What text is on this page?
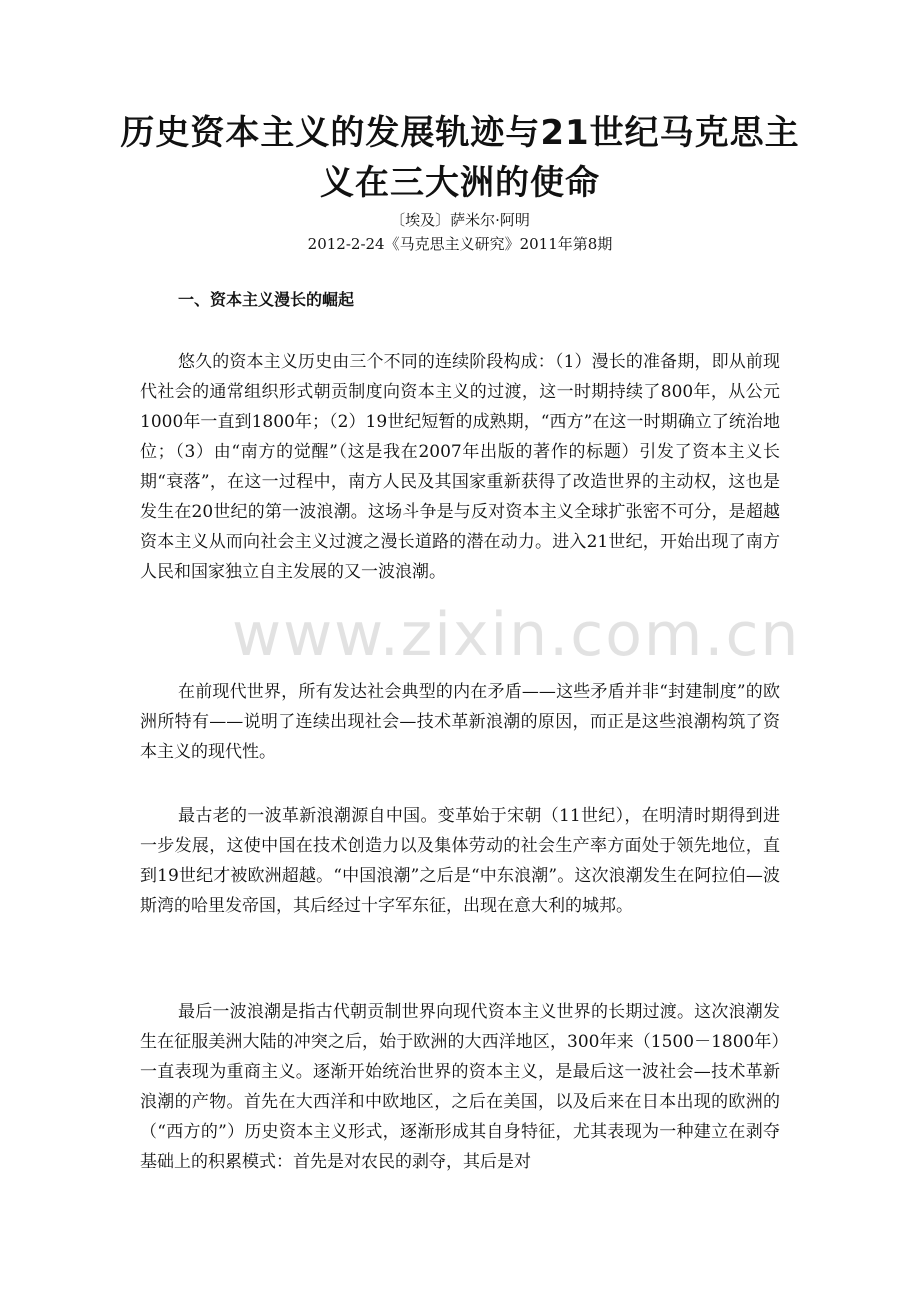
历史资本主义的发展轨迹与21世纪马克思主义在三大洲的使命

〔埃及〕萨米尔·阿明

2012-2-24《马克思主义研究》2011年第8期

一、资本主义漫长的崛起

悠久的资本主义历史由三个不同的连续阶段构成：（1）漫长的准备期，即从前现代社会的通常组织形式朝贡制度向资本主义的过渡，这一时期持续了800年，从公元1000年一直到1800年；（2）19世纪短暂的成熟期，“西方”在这一时期确立了统治地位；（3）由“南方的觉醒”（这是我在2007年出版的著作的标题）引发了资本主义长期“衰落”，在这一过程中，南方人民及其国家重新获得了改造世界的主动权，这也是发生在20世纪的第一波浪潮。这场斗争是与反对资本主义全球扩张密不可分，是超越资本主义从而向社会主义过渡之漫长道路的潜在动力。进入21世纪，开始出现了南方人民和国家独立自主发展的又一波浪潮。

在前现代世界，所有发达社会典型的内在矛盾——这些矛盾并非“封建制度”的欧洲所特有——说明了连续出现社会—技术革新浪潮的原因，而正是这些浪潮构筑了资本主义的现代性。

最古老的一波革新浪潮源自中国。变革始于宋朝（11世纪），在明清时期得到进一步发展，这使中国在技术创造力以及集体劳动的社会生产率方面处于领先地位，直到19世纪才被欧洲超越。“中国浪潮”之后是“中东浪潮”。这次浪潮发生在阿拉伯—波斯湾的哈里发帝国，其后经过十字军东征，出现在意大利的城邦。

最后一波浪潮是指古代朝贡制世界向现代资本主义世界的长期过渡。这次浪潮发生在征服美洲大陆的冲突之后，始于欧洲的大西洋地区，300年来（1500－1800年）一直表现为重商主义。逐渐开始统治世界的资本主义，是最后这一波社会—技术革新浪潮的产物。首先在大西洋和中欧地区，之后在美国，以及后来在日本出现的欧洲的（“西方的”）历史资本主义形式，逐渐形成其自身特征，尤其表现为一种建立在剥夺基础上的积累模式：首先是对农民的剥夺，其后是对

www.zixin.com.cn
